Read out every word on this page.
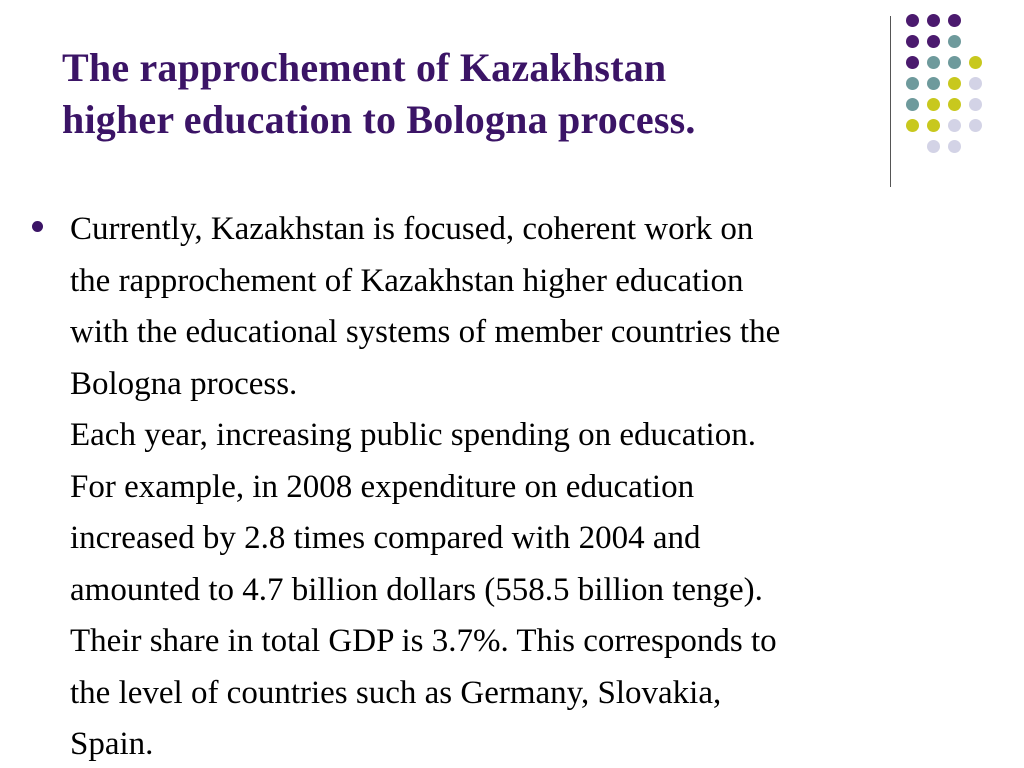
The rapprochement of Kazakhstan
higher education to Bologna process.
Currently, Kazakhstan is focused, coherent work on
the rapprochement of Kazakhstan higher education
with the educational systems of member countries the
Bologna process.
Each year, increasing public spending on education.
For example, in 2008 expenditure on education
increased by 2.8 times compared with 2004 and
amounted to 4.7 billion dollars (558.5 billion tenge).
Their share in total GDP is 3.7%. This corresponds to
the level of countries such as Germany, Slovakia,
Spain.
